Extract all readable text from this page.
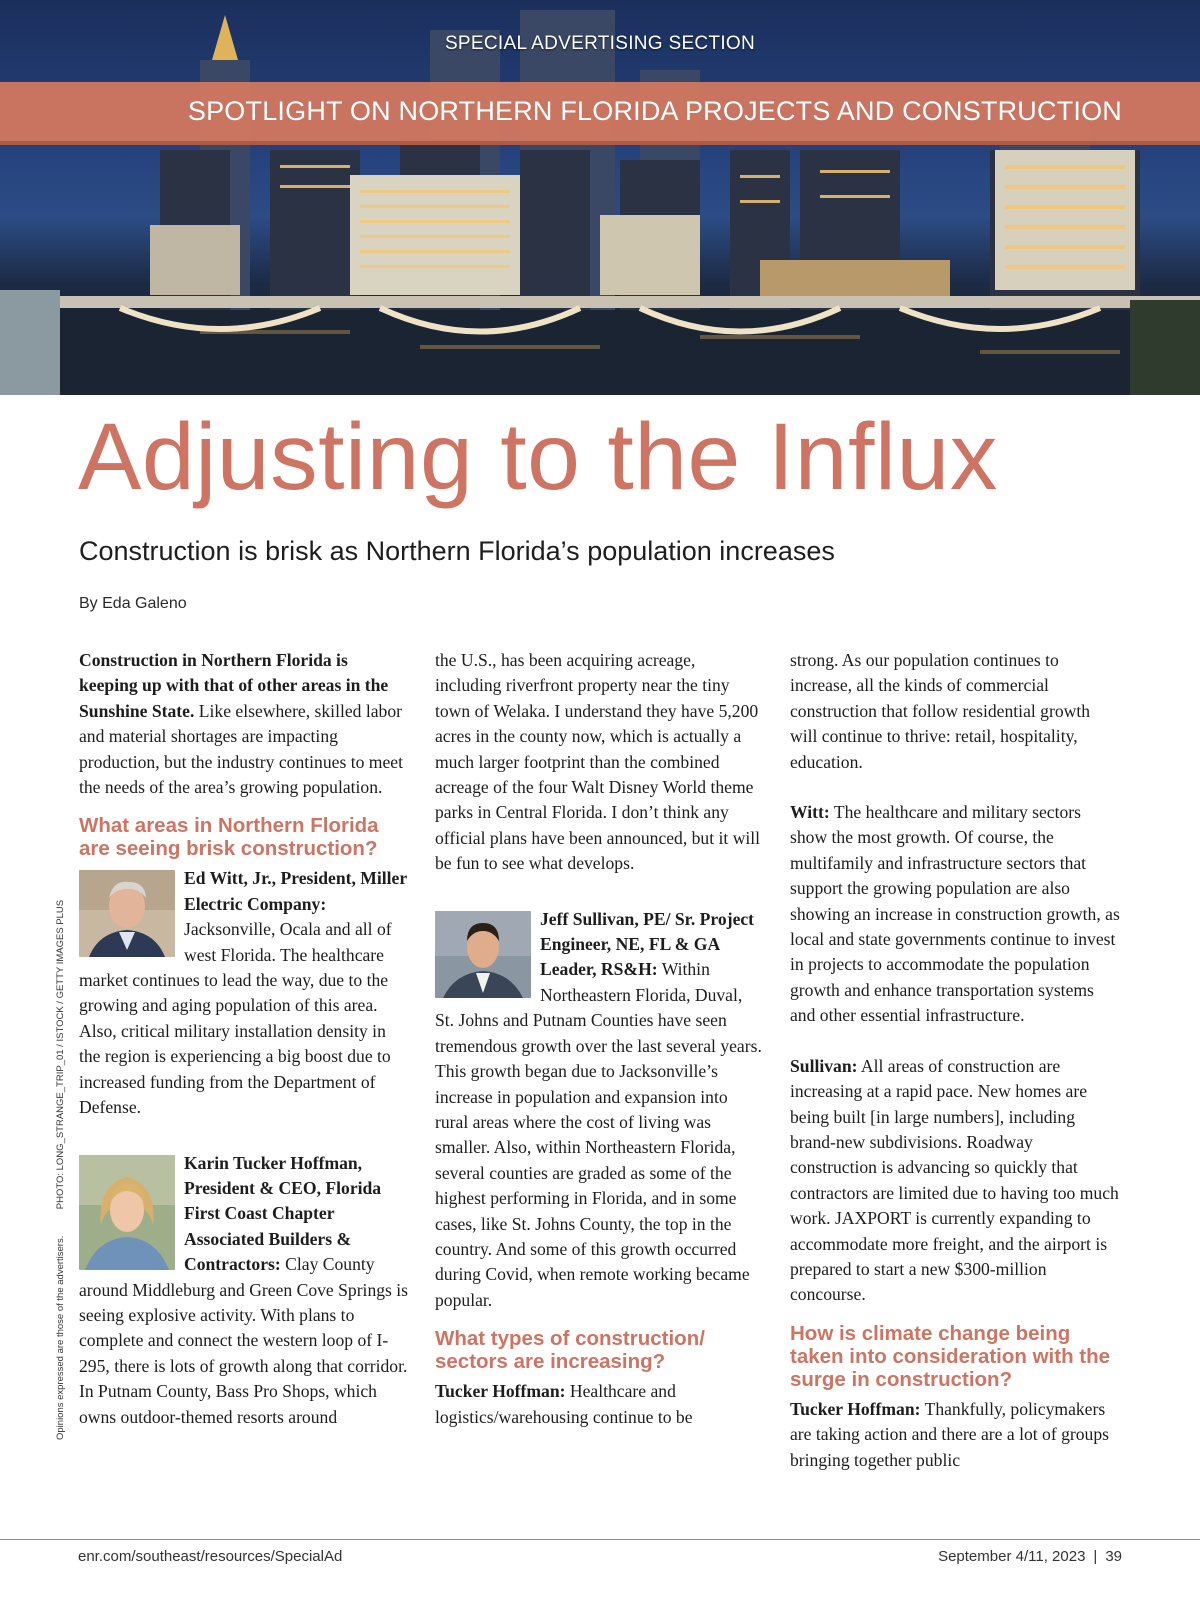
SPECIAL ADVERTISING SECTION
SPOTLIGHT ON NORTHERN FLORIDA PROJECTS AND CONSTRUCTION
Adjusting to the Influx
Construction is brisk as Northern Florida’s population increases
By Eda Galeno

Construction in Northern Florida is keeping up with that of other areas in the Sunshine State. Like elsewhere, skilled labor and material shortages are impacting production, but the industry continues to meet the needs of the area’s growing population.

What areas in Northern Florida are seeing brisk construction?

Ed Witt, Jr., President, Miller Electric Company: Jacksonville, Ocala and all of west Florida. The healthcare market continues to lead the way, due to the growing and aging population of this area. Also, critical military installation density in the region is experiencing a big boost due to increased funding from the Department of Defense.

Karin Tucker Hoffman, President & CEO, Florida First Coast Chapter Associated Builders & Contractors: Clay County around Middleburg and Green Cove Springs is seeing explosive activity. With plans to complete and connect the western loop of I-295, there is lots of growth along that corridor. In Putnam County, Bass Pro Shops, which owns outdoor-themed resorts around

the U.S., has been acquiring acreage, including riverfront property near the tiny town of Welaka. I understand they have 5,200 acres in the county now, which is actually a much larger footprint than the combined acreage of the four Walt Disney World theme parks in Central Florida. I don’t think any official plans have been announced, but it will be fun to see what develops.

Jeff Sullivan, PE/ Sr. Project Engineer, NE, FL & GA Leader, RS&H: Within Northeastern Florida, Duval, St. Johns and Putnam Counties have seen tremendous growth over the last several years. This growth began due to Jacksonville’s increase in population and expansion into rural areas where the cost of living was smaller. Also, within Northeastern Florida, several counties are graded as some of the highest performing in Florida, and in some cases, like St. Johns County, the top in the country. And some of this growth occurred during Covid, when remote working became popular.

What types of construction/ sectors are increasing?

Tucker Hoffman: Healthcare and logistics/warehousing continue to be

strong. As our population continues to increase, all the kinds of commercial construction that follow residential growth will continue to thrive: retail, hospitality, education.

Witt: The healthcare and military sectors show the most growth. Of course, the multifamily and infrastructure sectors that support the growing population are also showing an increase in construction growth, as local and state governments continue to invest in projects to accommodate the population growth and enhance transportation systems and other essential infrastructure.

Sullivan: All areas of construction are increasing at a rapid pace. New homes are being built [in large numbers], including brand-new subdivisions. Roadway construction is advancing so quickly that contractors are limited due to having too much work. JAXPORT is currently expanding to accommodate more freight, and the airport is prepared to start a new $300-million concourse.

How is climate change being taken into consideration with the surge in construction?

Tucker Hoffman: Thankfully, policymakers are taking action and there are a lot of groups bringing together public

Opinions expressed are those of the advertisers.          PHOTO: LONG_STRANGE_TRIP_01 / ISTOCK / GETTY IMAGES PLUS
enr.com/southeast/resources/SpecialAd	September 4/11, 2023 | 39
